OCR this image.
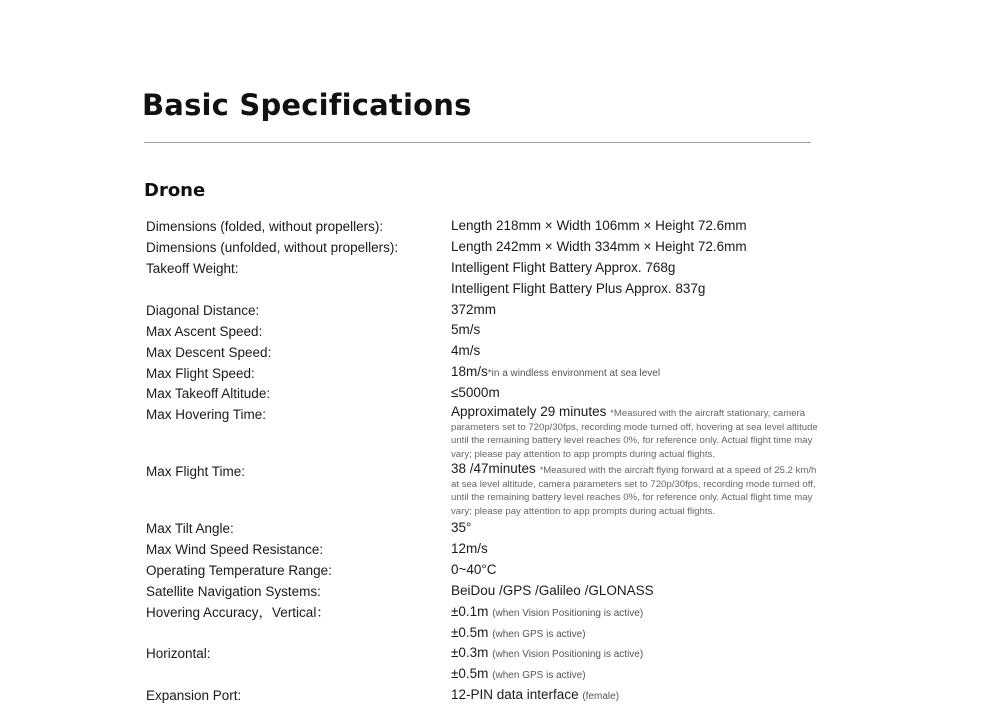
Basic Specifications
Drone
Dimensions (folded, without propellers):
Dimensions (unfolded, without propellers):
Takeoff Weight:
Diagonal Distance:
Max Ascent Speed:
Max Descent Speed:
Max Flight Speed:
Max Takeoff Altitude:
Max Hovering Time:
Max Flight Time:
Max Tilt Angle:
Max Wind Speed Resistance:
Operating Temperature Range:
Satellite Navigation Systems:
Hovering Accuracy，Vertical：
Horizontal:
Expansion Port:
Length 218mm × Width 106mm × Height 72.6mm
Length 242mm × Width 334mm × Height 72.6mm
Intelligent Flight Battery Approx. 768g
Intelligent Flight Battery Plus Approx. 837g
372mm
5m/s
4m/s
18m/s*in a windless environment at sea level
≤5000m
Approximately 29 minutes *Measured with the aircraft stationary, camera parameters set to 720p/30fps, recording mode turned off, hovering at sea level altitude until the remaining battery level reaches 0%, for reference only. Actual flight time may vary; please pay attention to app prompts during actual flights.
38 /47minutes *Measured with the aircraft flying forward at a speed of 25.2 km/h at sea level altitude, camera parameters set to 720p/30fps, recording mode turned off, until the remaining battery level reaches 0%, for reference only. Actual flight time may vary; please pay attention to app prompts during actual flights.
35°
12m/s
0~40°C
BeiDou /GPS /Galileo /GLONASS
±0.1m (when Vision Positioning is active)
±0.5m (when GPS is active)
±0.3m (when Vision Positioning is active)
±0.5m (when GPS is active)
12-PIN data interface (female)
